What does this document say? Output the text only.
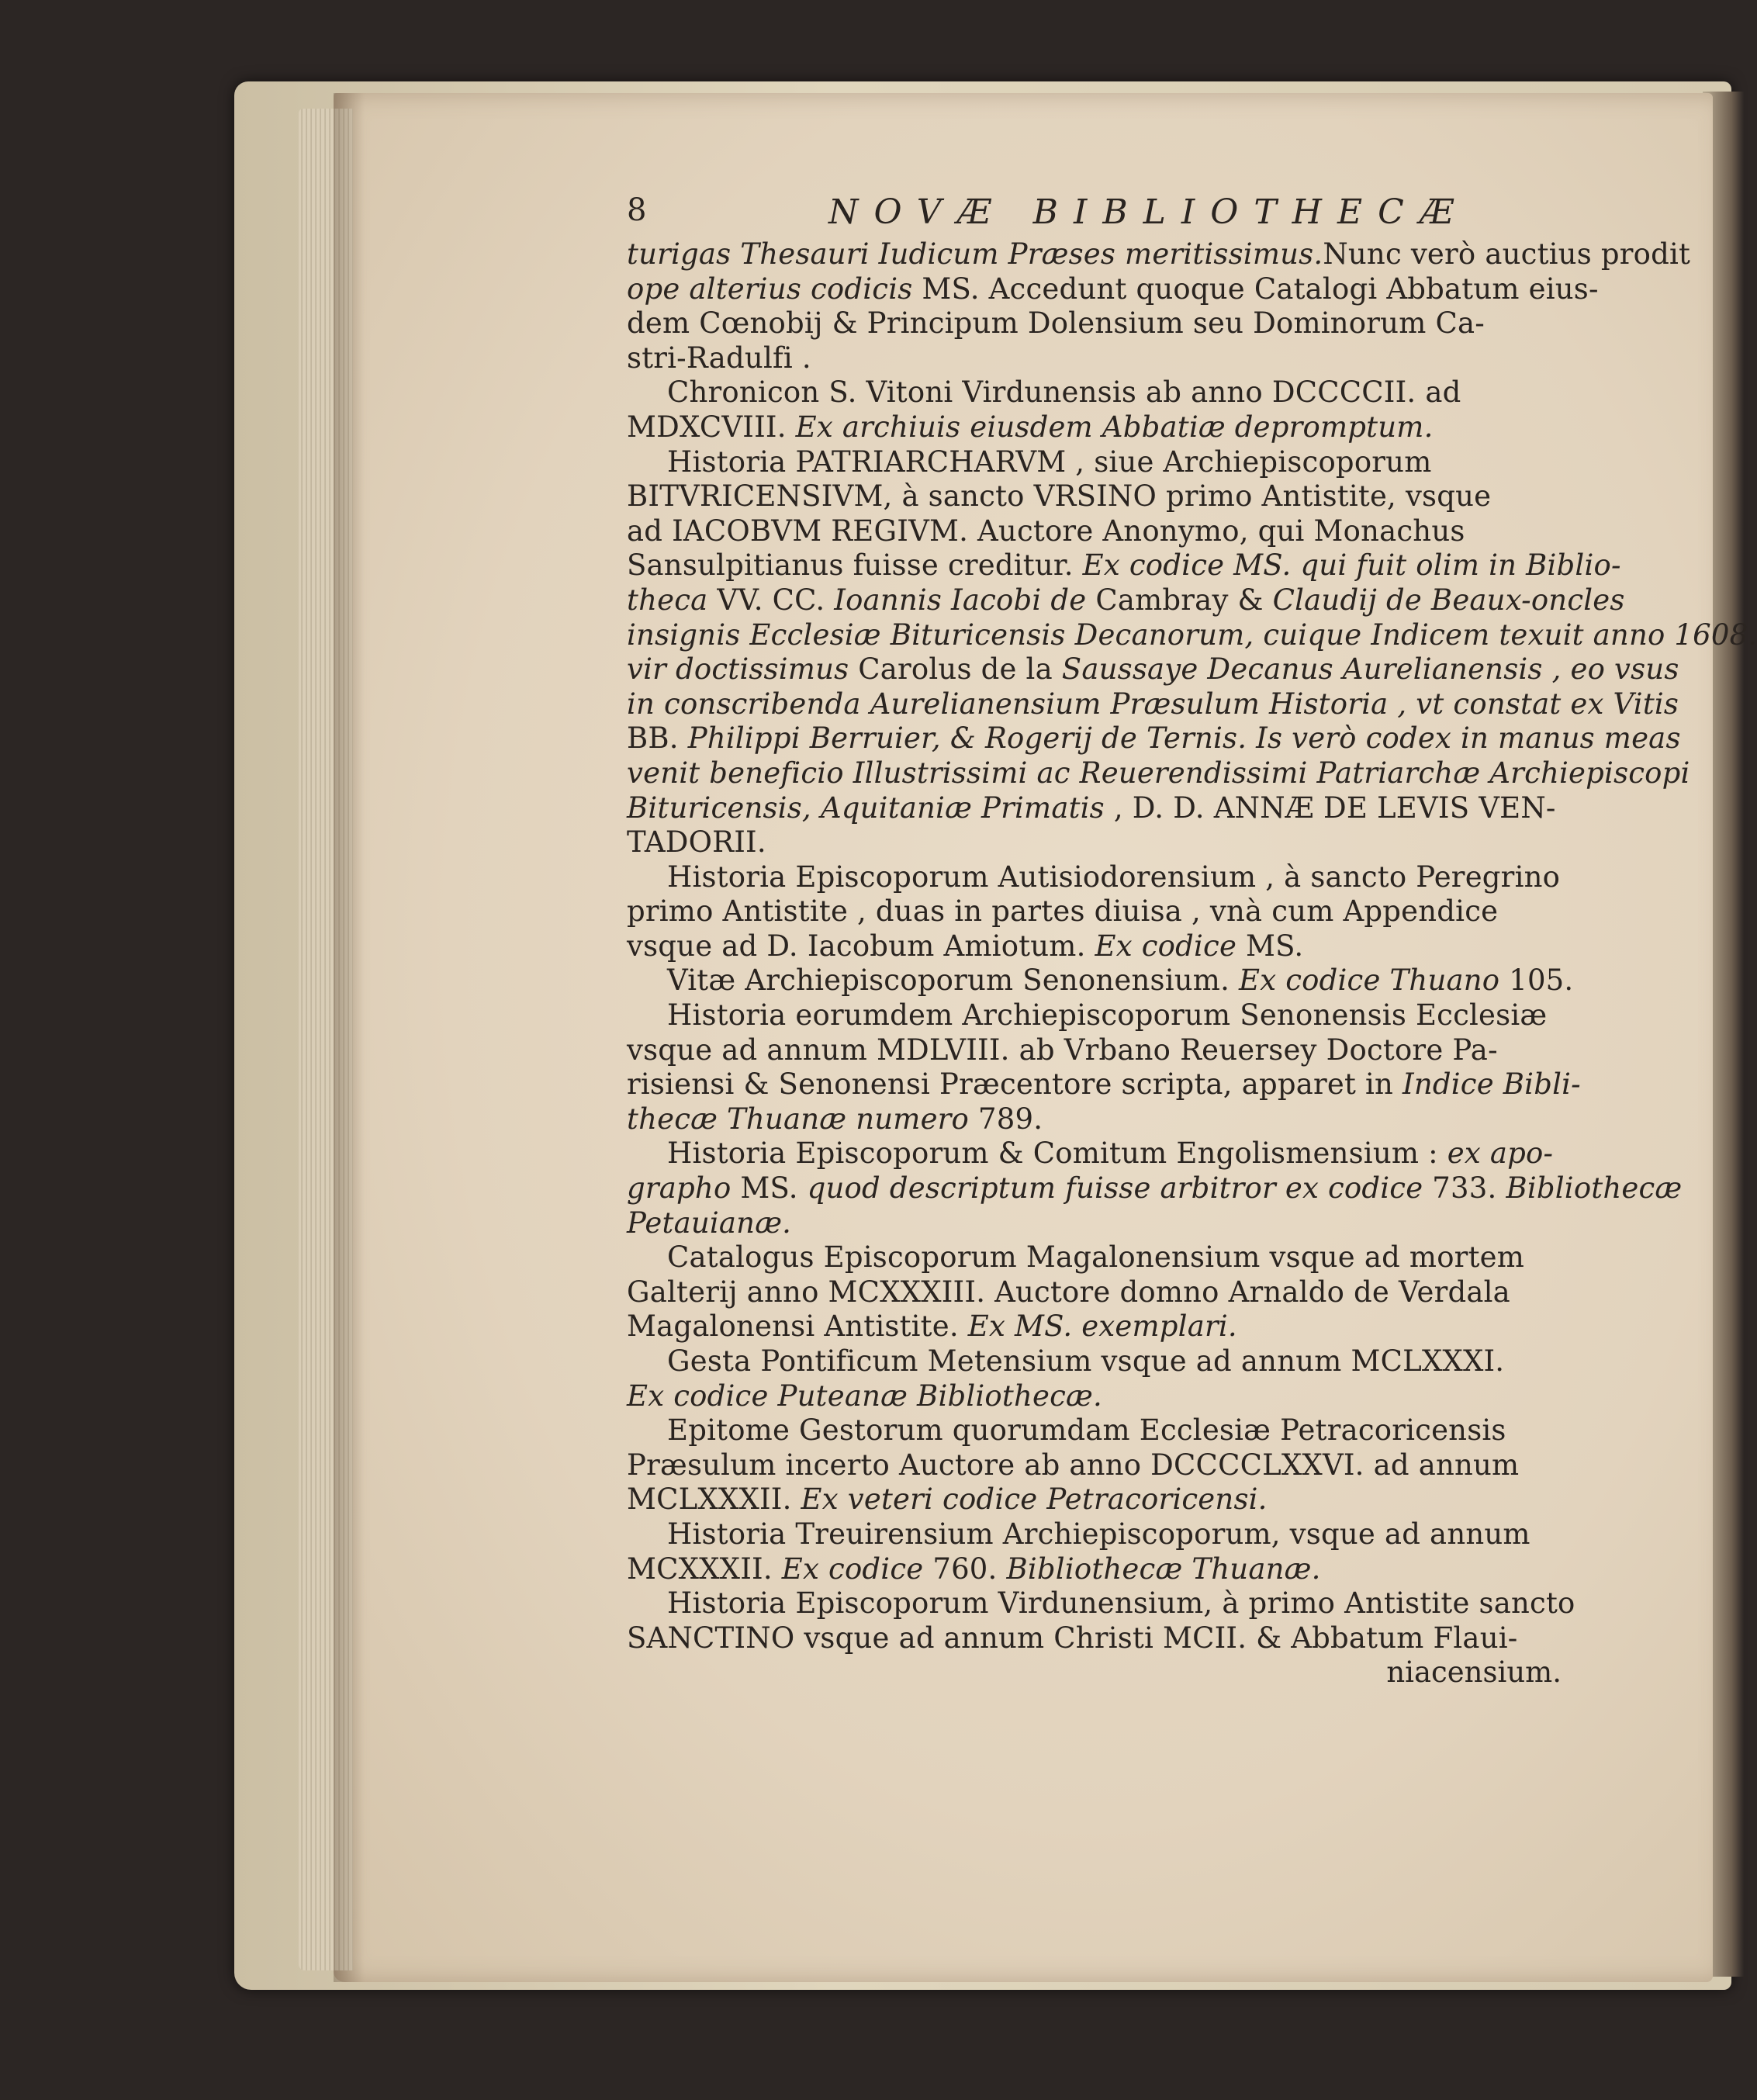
8	NOVÆ BIBLIOTHECÆ
turigas Thesauri Iudicum Præses meritissimus.Nunc verò auctius prodit
ope alterius codicis MS. Accedunt quoque Catalogi Abbatum eius-
dem Cœnobij & Principum Dolensium seu Dominorum Ca-
stri-Radulfi .
Chronicon S. Vitoni Virdunensis ab anno DCCCCII. ad
MDXCVIII. Ex archiuis eiusdem Abbatiæ depromptum.
Historia PATRIARCHARVM , siue Archiepiscoporum
BITVRICENSIVM, à sancto VRSINO primo Antistite, vsque
ad IACOBVM REGIVM. Auctore Anonymo, qui Monachus
Sansulpitianus fuisse creditur. Ex codice MS. qui fuit olim in Biblio-
theca VV. CC. Ioannis Iacobi de Cambray & Claudij de Beaux-oncles
insignis Ecclesiæ Bituricensis Decanorum, cuique Indicem texuit anno 1608.
vir doctissimus Carolus de la Saussaye Decanus Aurelianensis , eo vsus
in conscribenda Aurelianensium Præsulum Historia , vt constat ex Vitis
BB. Philippi Berruier, & Rogerij de Ternis. Is verò codex in manus meas
venit beneficio Illustrissimi ac Reuerendissimi Patriarchæ Archiepiscopi
Bituricensis, Aquitaniæ Primatis , D. D. ANNÆ DE LEVIS VEN-
TADORII.
Historia Episcoporum Autisiodorensium , à sancto Peregrino
primo Antistite , duas in partes diuisa , vnà cum Appendice
vsque ad D. Iacobum Amiotum. Ex codice MS.
Vitæ Archiepiscoporum Senonensium. Ex codice Thuano 105.
Historia eorumdem Archiepiscoporum Senonensis Ecclesiæ
vsque ad annum MDLVIII. ab Vrbano Reuersey Doctore Pa-
risiensi & Senonensi Præcentore scripta, apparet in Indice Bibli-
thecæ Thuanæ numero 789.
Historia Episcoporum & Comitum Engolismensium : ex apo-
grapho MS. quod descriptum fuisse arbitror ex codice 733. Bibliothecæ
Petauianæ.
Catalogus Episcoporum Magalonensium vsque ad mortem
Galterij anno MCXXXIII. Auctore domno Arnaldo de Verdala
Magalonensi Antistite. Ex MS. exemplari.
Gesta Pontificum Metensium vsque ad annum MCLXXXI.
Ex codice Puteanæ Bibliothecæ.
Epitome Gestorum quorumdam Ecclesiæ Petracoricensis
Præsulum incerto Auctore ab anno DCCCCLXXVI. ad annum
MCLXXXII. Ex veteri codice Petracoricensi.
Historia Treuirensium Archiepiscoporum, vsque ad annum
MCXXXII. Ex codice 760. Bibliothecæ Thuanæ.
Historia Episcoporum Virdunensium, à primo Antistite sancto
SANCTINO vsque ad annum Christi MCII. & Abbatum Flaui-
niacensium.
